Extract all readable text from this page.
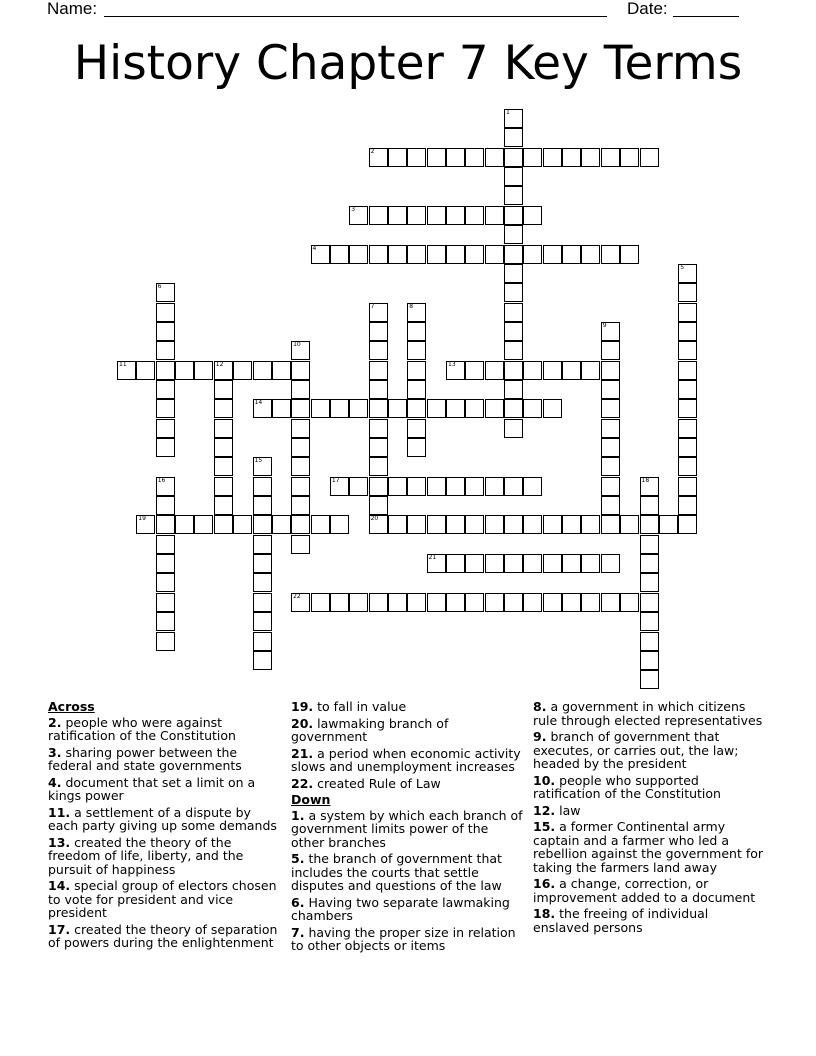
Name:	Date:
History Chapter 7 Key Terms
1
2
3
4
5
6
7	8
9
10
11	12	13
14
15
16	17	18
19	20
21
22
Across
2. people who were against ratification of the Constitution
3. sharing power between the federal and state governments
4. document that set a limit on a kings power
11. a settlement of a dispute by each party giving up some demands
13. created the theory of the freedom of life, liberty, and the pursuit of happiness
14. special group of electors chosen to vote for president and vice president
17. created the theory of separation of powers during the enlightenment
19. to fall in value
20. lawmaking branch of government
21. a period when economic activity slows and unemployment increases
22. created Rule of Law
Down
1. a system by which each branch of government limits power of the other branches
5. the branch of government that includes the courts that settle disputes and questions of the law
6. Having two separate lawmaking chambers
7. having the proper size in relation to other objects or items
8. a government in which citizens rule through elected representatives
9. branch of government that executes, or carries out, the law; headed by the president
10. people who supported ratification of the Constitution
12. law
15. a former Continental army captain and a farmer who led a rebellion against the government for taking the farmers land away
16. a change, correction, or improvement added to a document
18. the freeing of individual enslaved persons
